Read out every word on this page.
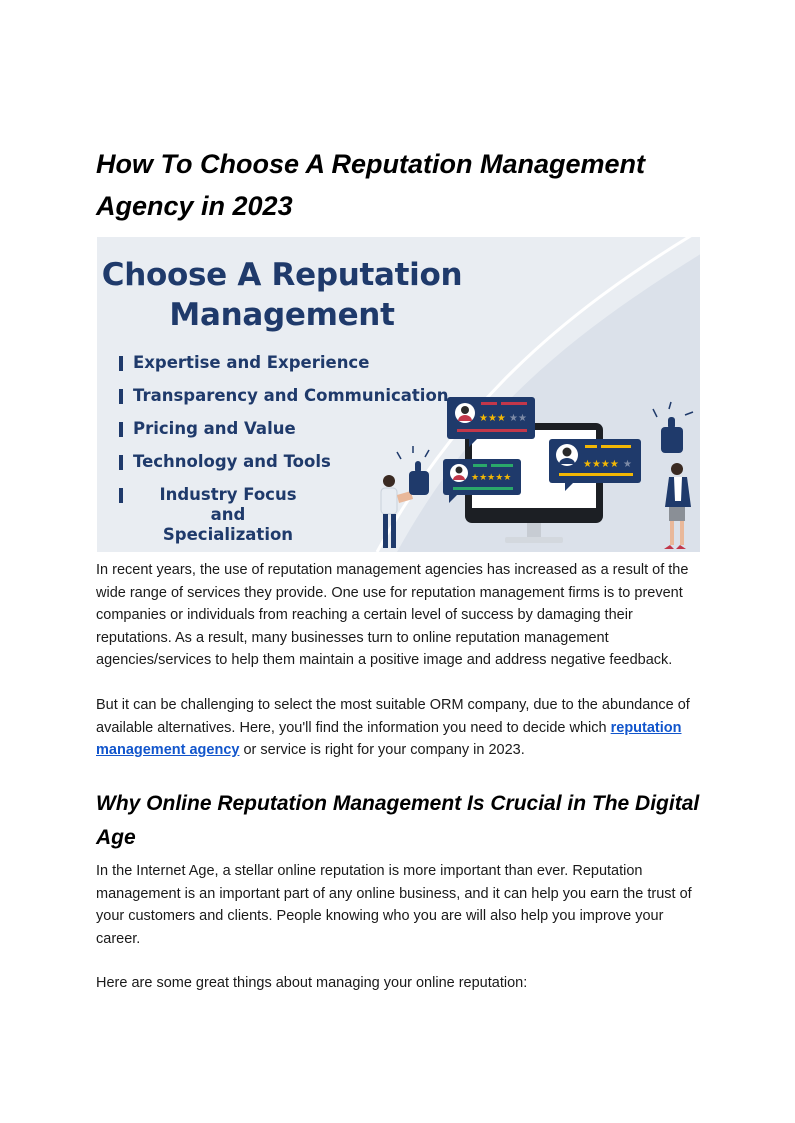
How To Choose A Reputation Management Agency in 2023
★★★ ★★
★★★★★
★★★★ ★
Choose A Reputation Management
Expertise and Experience
Transparency and Communication
Pricing and Value
Technology and Tools
Industry Focus and Specialization

In recent years, the use of reputation management agencies has increased as a result of the wide range of services they provide. One use for reputation management firms is to prevent companies or individuals from reaching a certain level of success by damaging their reputations. As a result, many businesses turn to online reputation management agencies/services to help them maintain a positive image and address negative feedback.

But it can be challenging to select the most suitable ORM company, due to the abundance of available alternatives. Here, you'll find the information you need to decide which reputation management agency or service is right for your company in 2023.

Why Online Reputation Management Is Crucial in The Digital Age

In the Internet Age, a stellar online reputation is more important than ever. Reputation management is an important part of any online business, and it can help you earn the trust of your customers and clients. People knowing who you are will also help you improve your career.

Here are some great things about managing your online reputation:
